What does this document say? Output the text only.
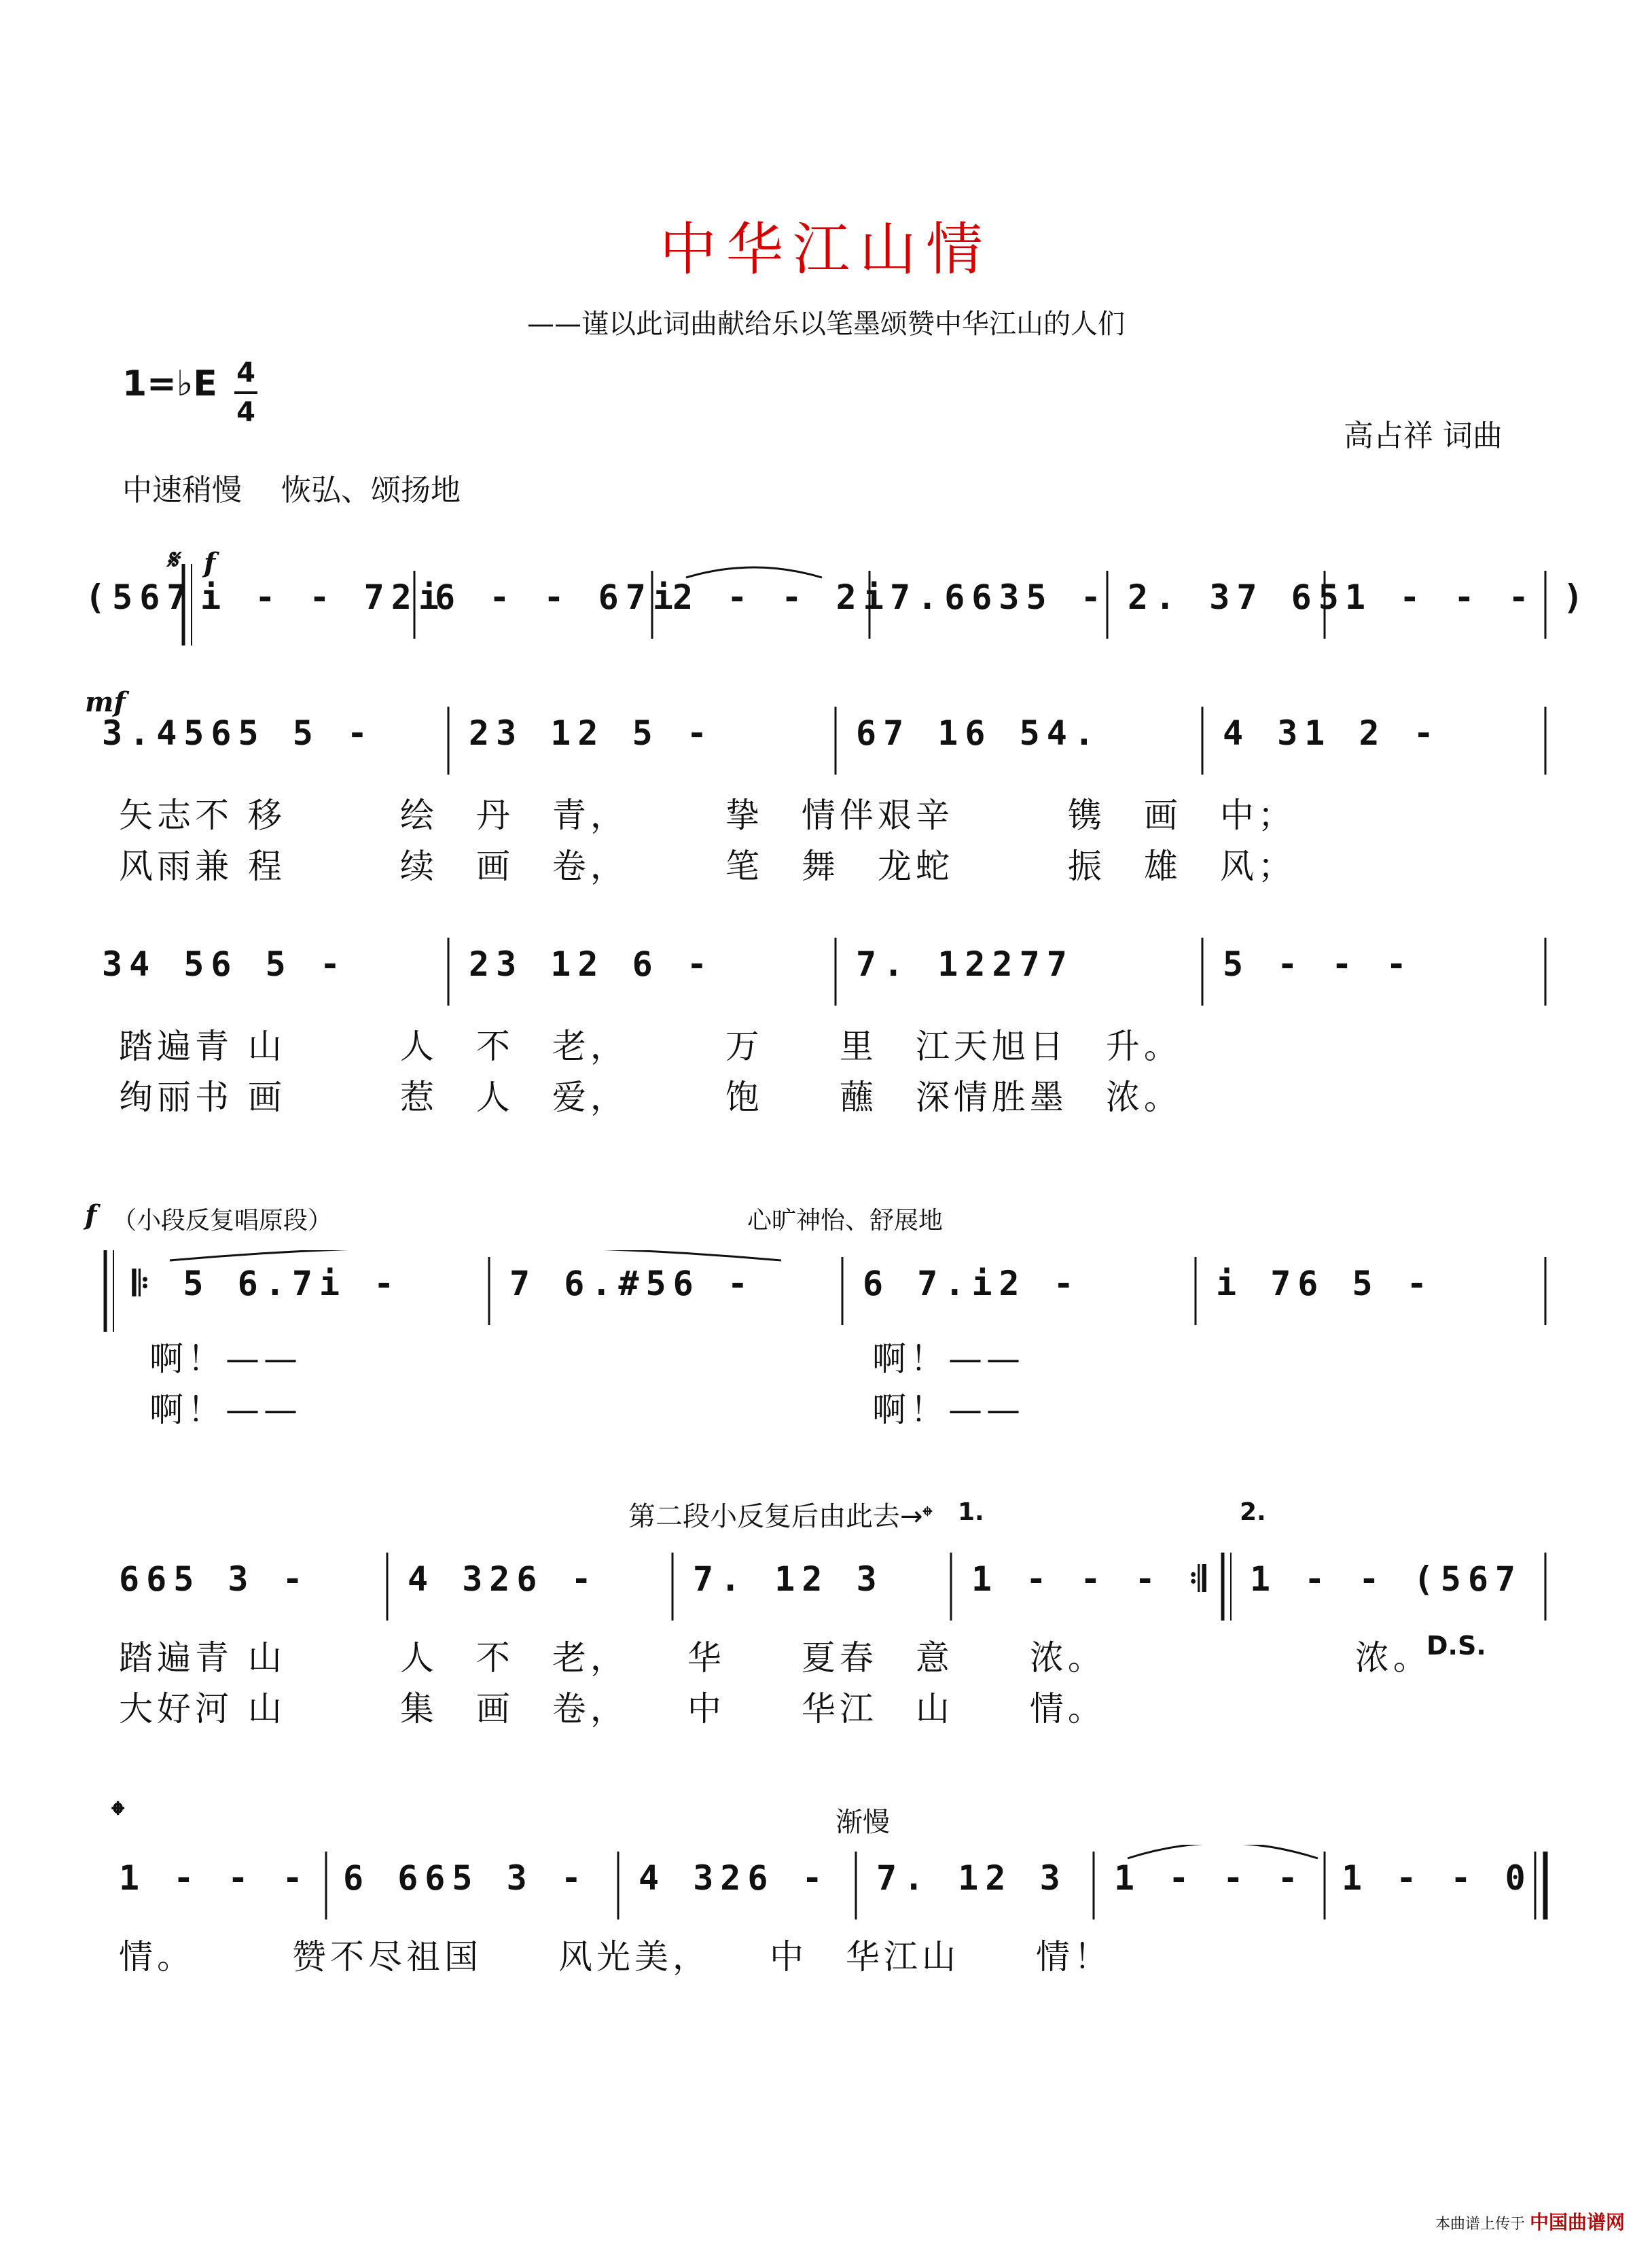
中华江山情
——谨以此词曲献给乐以笔墨颂赞中华江山的人们
1=♭E 4
4
高占祥 词曲
中速稍慢　 恢弘、颂扬地
𝄋 f
(567 i - - 72i
6 - - 67i
2 - - 2i 7.6635 - 2. 37 65 1 - - - )
mf
3.4565 5 -	23 12 5 -	67 16 54.	4 31 2 -
矢志不 移　　　绘　丹　青，　　　挚　情伴艰辛　　　镌　画　中；
风雨兼 程　　　续　画　卷，　　　笔　舞　龙蛇　　　振　雄　风；
34 56 5 -	23 12 6 -	7. 12277	5 - - -
踏遍青 山　　　人　不　老，　　　万　　里　江天旭日　升。
绚丽书 画　　　惹　人　爱，　　　饱　　蘸　深情胜墨　浓。
f （小段反复唱原段）	心旷神怡、舒展地
𝄆 5 6.7i -	7 6.#56 -	6 7.i2 -	i 76 5 -
啊！——　　　　　　　　　　　　　　　啊！——
啊！——　　　　　　　　　　　　　　　啊！——
第二段小反复后由此去→𝄌 1.	2.
665 3 -	4 326 -	7. 12 3	1 - - - 𝄇 1 - - (567
踏遍青 山　　　人　不　老，　　华　　夏春　意　　浓。　　　　　　　浓。
大好河 山　　　集　画　卷，　　中　　华江　山　　情。
D.S.
𝄌	渐慢
1 - - - 6 665 3 - 4 326 - 7. 12 3 1 - - - 1 - - 0
情。　　　赞不尽祖国　　风光美，　　中　华江山　　情！
本曲谱上传于 中国曲谱网
